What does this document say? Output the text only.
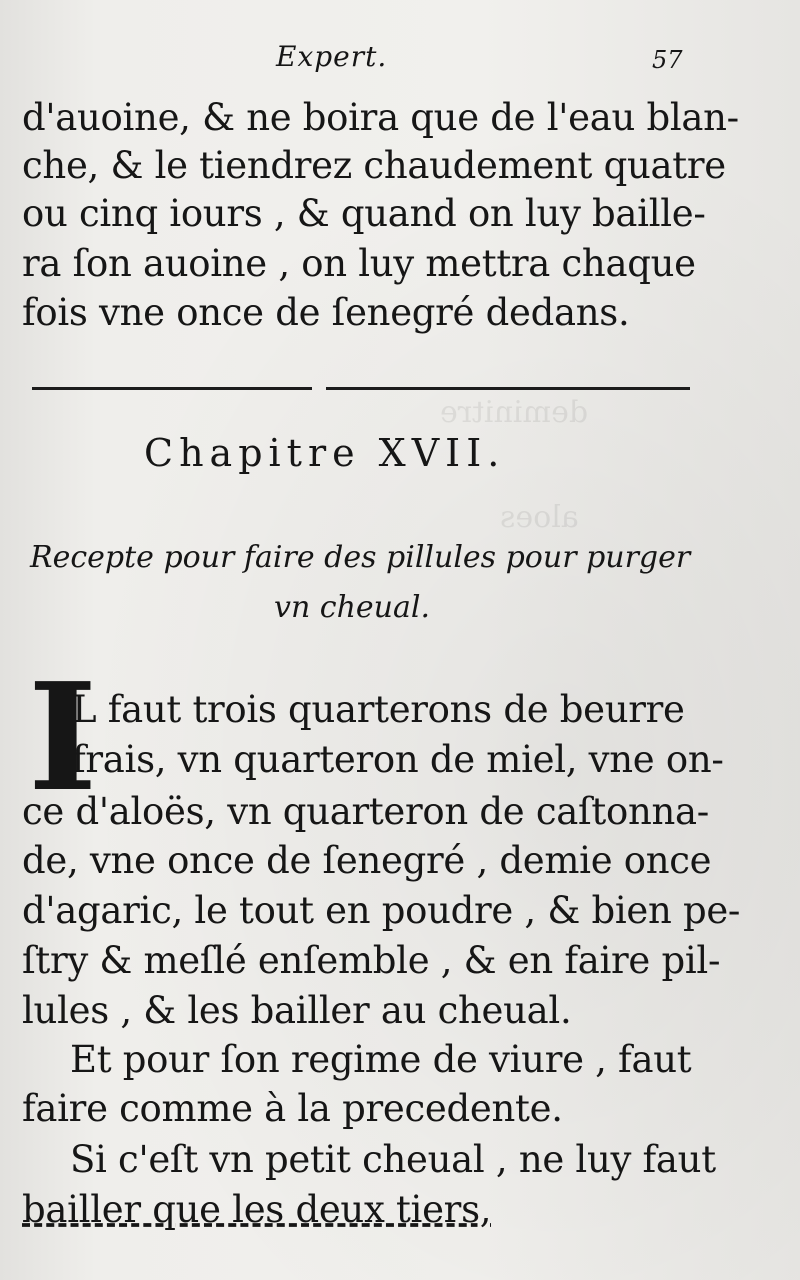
deminitre
aloes
Expert.	57
d'auoine, & ne boira que de l'eau blan-
che, & le tiendrez chaudement quatre
ou cinq iours , & quand on luy baille-
ra ſon auoine , on luy mettra chaque
fois vne once de ſenegré dedans.
Chapitre XVII.
Recepte pour faire des pillules pour purger
vn cheual.
I
L faut trois quarterons de beurre
frais, vn quarteron de miel, vne on-
ce d'aloës, vn quarteron de caſtonna-
de, vne once de ſenegré , demie once
d'agaric, le tout en poudre , & bien pe-
ſtry & meſlé enſemble , & en faire pil-
lules , & les bailler au cheual.
Et pour ſon regime de viure , faut
faire comme à la precedente.
Si c'eſt vn petit cheual , ne luy faut
bailler que les deux tiers,
